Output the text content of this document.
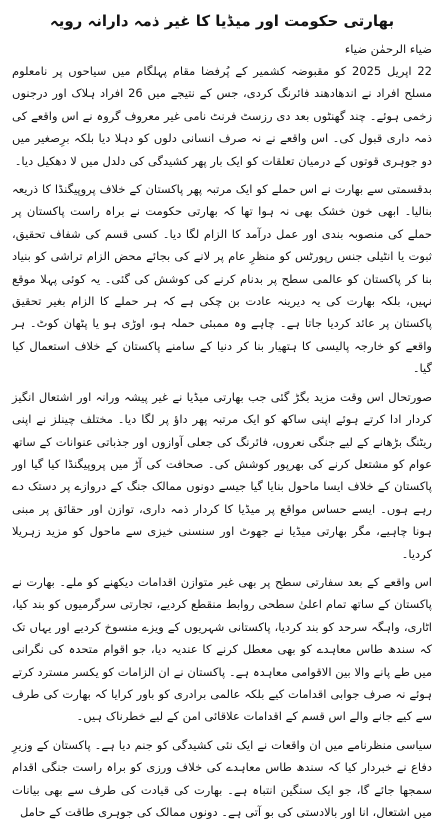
بھارتی حکومت اور میڈیا کا غیر ذمہ دارانہ رویہ
ضیاء الرحمٰن ضیاء

22 اپریل 2025 کو مقبوضہ کشمیر کے پُرفضا مقام پہلگام میں سیاحوں پر نامعلوم مسلح افراد نے اندھادھند فائرنگ کردی، جس کے نتیجے میں 26 افراد ہلاک اور درجنوں زخمی ہوئے۔ چند گھنٹوں بعد دی رزسٹ فرنٹ نامی غیر معروف گروہ نے اس واقعے کی ذمہ داری قبول کی۔ اس واقعے نے نہ صرف انسانی دلوں کو دہلا دیا بلکہ برِصغیر میں دو جوہری قوتوں کے درمیان تعلقات کو ایک بار پھر کشیدگی کی دلدل میں لا دھکیل دیا۔

بدقسمتی سے بھارت نے اس حملے کو ایک مرتبہ پھر پاکستان کے خلاف پروپیگنڈا کا ذریعہ بنالیا۔ ابھی خون خشک بھی نہ ہوا تھا کہ بھارتی حکومت نے براہ راست پاکستان پر حملے کی منصوبہ بندی اور عمل درآمد کا الزام لگا دیا۔ کسی قسم کی شفاف تحقیق، ثبوت یا انٹیلی جنس رپورٹس کو منظرِ عام پر لانے کی بجائے محض الزام تراشی کو بنیاد بنا کر پاکستان کو عالمی سطح پر بدنام کرنے کی کوشش کی گئی۔ یہ کوئی پہلا موقع نہیں، بلکہ بھارت کی یہ دیرینہ عادت بن چکی ہے کہ ہر حملے کا الزام بغیر تحقیق پاکستان پر عائد کردیا جاتا ہے۔ چاہے وہ ممبئی حملہ ہو، اوڑی ہو یا پٹھان کوٹ۔ ہر واقعے کو خارجہ پالیسی کا ہتھیار بنا کر دنیا کے سامنے پاکستان کے خلاف استعمال کیا گیا۔

صورتحال اس وقت مزید بگڑ گئی جب بھارتی میڈیا نے غیر پیشہ ورانہ اور اشتعال انگیز کردار ادا کرتے ہوئے اپنی ساکھ کو ایک مرتبہ پھر داؤ پر لگا دیا۔ مختلف چینلز نے اپنی ریٹنگ بڑھانے کے لیے جنگی نعروں، فائرنگ کی جعلی آوازوں اور جذباتی عنوانات کے ساتھ عوام کو مشتعل کرنے کی بھرپور کوشش کی۔ صحافت کی آڑ میں پروپیگنڈا کیا گیا اور پاکستان کے خلاف ایسا ماحول بنایا گیا جیسے دونوں ممالک جنگ کے دروازے پر دستک دے رہے ہوں۔ ایسے حساس مواقع پر میڈیا کا کردار ذمہ داری، توازن اور حقائق پر مبنی ہونا چاہیے، مگر بھارتی میڈیا نے جھوٹ اور سنسنی خیزی سے ماحول کو مزید زہریلا کردیا۔

اس واقعے کے بعد سفارتی سطح پر بھی غیر متوازن اقدامات دیکھنے کو ملے۔ بھارت نے پاکستان کے ساتھ تمام اعلیٰ سطحی روابط منقطع کردیے، تجارتی سرگرمیوں کو بند کیا، اٹاری، واہگہ سرحد کو بند کردیا، پاکستانی شہریوں کے ویزے منسوخ کردیے اور یہاں تک کہ سندھ طاس معاہدے کو بھی معطل کرنے کا عندیہ دیا، جو اقوام متحدہ کی نگرانی میں طے پانے والا بین الاقوامی معاہدہ ہے۔ پاکستان نے ان الزامات کو یکسر مسترد کرتے ہوئے نہ صرف جوابی اقدامات کیے بلکہ عالمی برادری کو باور کرایا کہ بھارت کی طرف سے کیے جانے والے اس قسم کے اقدامات علاقائی امن کے لیے خطرناک ہیں۔

سیاسی منظرنامے میں ان واقعات نے ایک نئی کشیدگی کو جنم دیا ہے۔ پاکستان کے وزیرِ دفاع نے خبردار کیا کہ سندھ طاس معاہدے کی خلاف ورزی کو براہ راست جنگی اقدام سمجھا جائے گا، جو ایک سنگین انتباہ ہے۔ بھارت کی قیادت کی طرف سے بھی بیانات میں اشتعال، انا اور بالادستی کی بو آتی ہے۔ دونوں ممالک کی جوہری طاقت کے حامل
